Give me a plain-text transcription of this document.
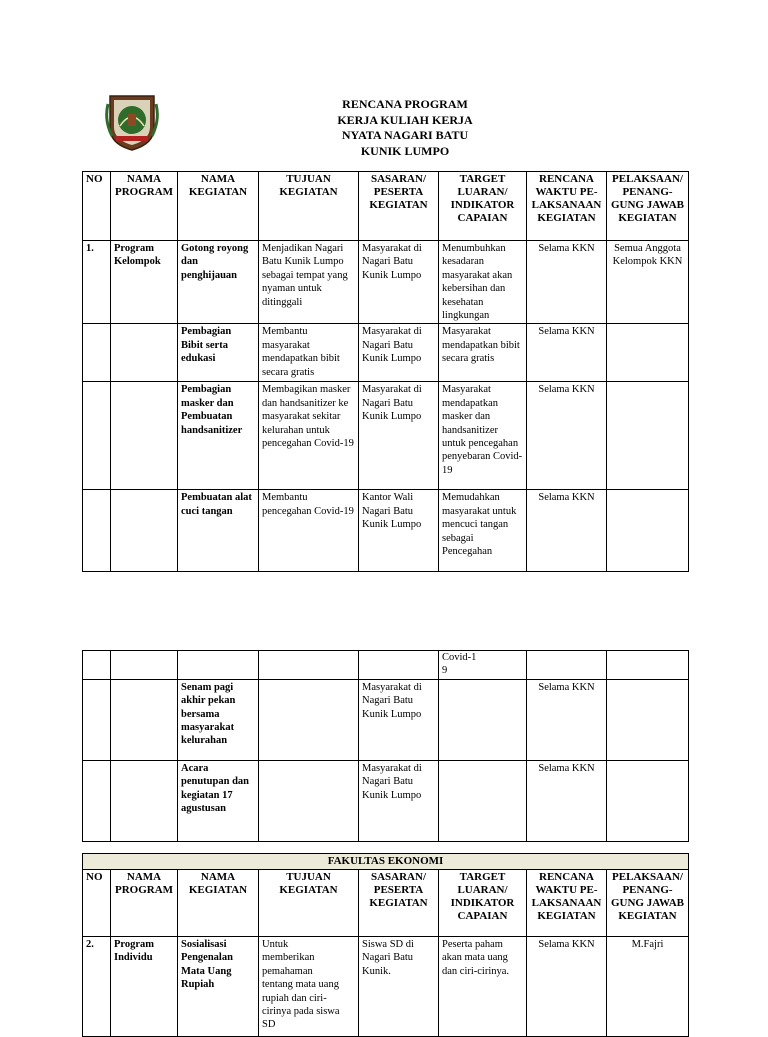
RENCANA PROGRAM
KERJA KULIAH KERJA
NYATA NAGARI BATU
KUNIK LUMPO
NO	NAMA PROGRAM	NAMA KEGIATAN	TUJUAN KEGIATAN	SASARAN/ PESERTA KEGIATAN	TARGET LUARAN/ INDIKATOR CAPAIAN	RENCANA WAKTU PE-LAKSANAAN KEGIATAN	PELAKSAAN/ PENANG-GUNG JAWAB KEGIATAN
1.	Program Kelompok	Gotong royong dan penghijauan	Menjadikan Nagari Batu Kunik Lumpo sebagai tempat yang nyaman untuk ditinggali	Masyarakat di Nagari Batu Kunik Lumpo	Menumbuhkan kesadaran masyarakat akan kebersihan dan kesehatan lingkungan	Selama KKN	Semua Anggota Kelompok KKN
		Pembagian Bibit serta edukasi	Membantu masyarakat mendapatkan bibit secara gratis	Masyarakat di Nagari Batu Kunik Lumpo	Masyarakat mendapatkan bibit secara gratis	Selama KKN	
		Pembagian masker dan Pembuatan handsanitizer	Membagikan masker dan handsanitizer ke masyarakat sekitar kelurahan untuk pencegahan Covid-19	Masyarakat di Nagari Batu Kunik Lumpo	Masyarakat mendapatkan masker dan handsanitizer untuk pencegahan penyebaran Covid-19	Selama KKN	
		Pembuatan alat cuci tangan	Membantu pencegahan Covid-19	Kantor Wali Nagari Batu Kunik Lumpo	Memudahkan masyarakat untuk mencuci tangan sebagai Pencegahan	Selama KKN	

					Covid-19		

		Senam pagi akhir pekan bersama masyarakat kelurahan		Masyarakat di Nagari Batu Kunik Lumpo		Selama KKN	

		Acara penutupan dan kegiatan 17 agustusan		Masyarakat di Nagari Batu Kunik Lumpo		Selama KKN	
FAKULTAS EKONOMI							
NO	NAMA PROGRAM	NAMA KEGIATAN	TUJUAN KEGIATAN	SASARAN/ PESERTA KEGIATAN	TARGET LUARAN/ INDIKATOR CAPAIAN	RENCANA WAKTU PE-LAKSANAAN KEGIATAN	PELAKSAAN/ PENANG-GUNG JAWAB KEGIATAN
2.	Program Individu	Sosialisasi Pengenalan Mata Uang Rupiah	Untuk memberikan pemahaman tentang mata uang rupiah dan ciri-cirinya pada siswa SD	Siswa SD di Nagari Batu Kunik.	Peserta paham akan mata uang dan ciri-cirinya.	Selama KKN	M.Fajri
